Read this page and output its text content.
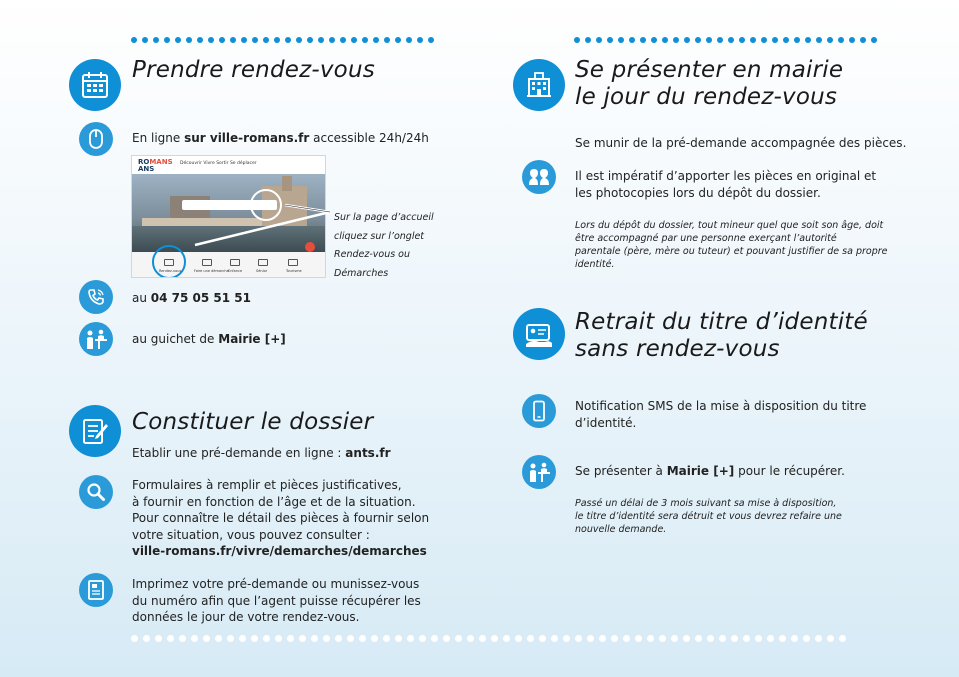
Prendre rendez-vous
En ligne sur ville-romans.fr accessible 24h/24h
ROMANS
ANS
Découvrir Vivre Sortir Se déplacer
Rendez-vous	Faire une démarche Enfance	Sénior	Tourisme
Sur la page d’accueil
cliquez sur l’onglet
Rendez-vous ou
Démarches
au 04 75 05 51 51
au guichet de Mairie [+]
Constituer le dossier
Etablir une pré-demande en ligne : ants.fr
Formulaires à remplir et pièces justificatives,
à fournir en fonction de l’âge et de la situation.
Pour connaître le détail des pièces à fournir selon
votre situation, vous pouvez consulter :
ville-romans.fr/vivre/demarches/demarches
Imprimez votre pré-demande ou munissez-vous
du numéro afin que l’agent puisse récupérer les
données le jour de votre rendez-vous.
Se présenter en mairie
le jour du rendez-vous
Se munir de la pré-demande accompagnée des pièces.
Il est impératif d’apporter les pièces en original et
les photocopies lors du dépôt du dossier.
Lors du dépôt du dossier, tout mineur quel que soit son âge, doit
être accompagné par une personne exerçant l’autorité
parentale (père, mère ou tuteur) et pouvant justifier de sa propre
identité.
Retrait du titre d’identité
sans rendez-vous
Notification SMS de la mise à disposition du titre
d’identité.
Se présenter à Mairie [+] pour le récupérer.
Passé un délai de 3 mois suivant sa mise à disposition,
le titre d’identité sera détruit et vous devrez refaire une
nouvelle demande.
